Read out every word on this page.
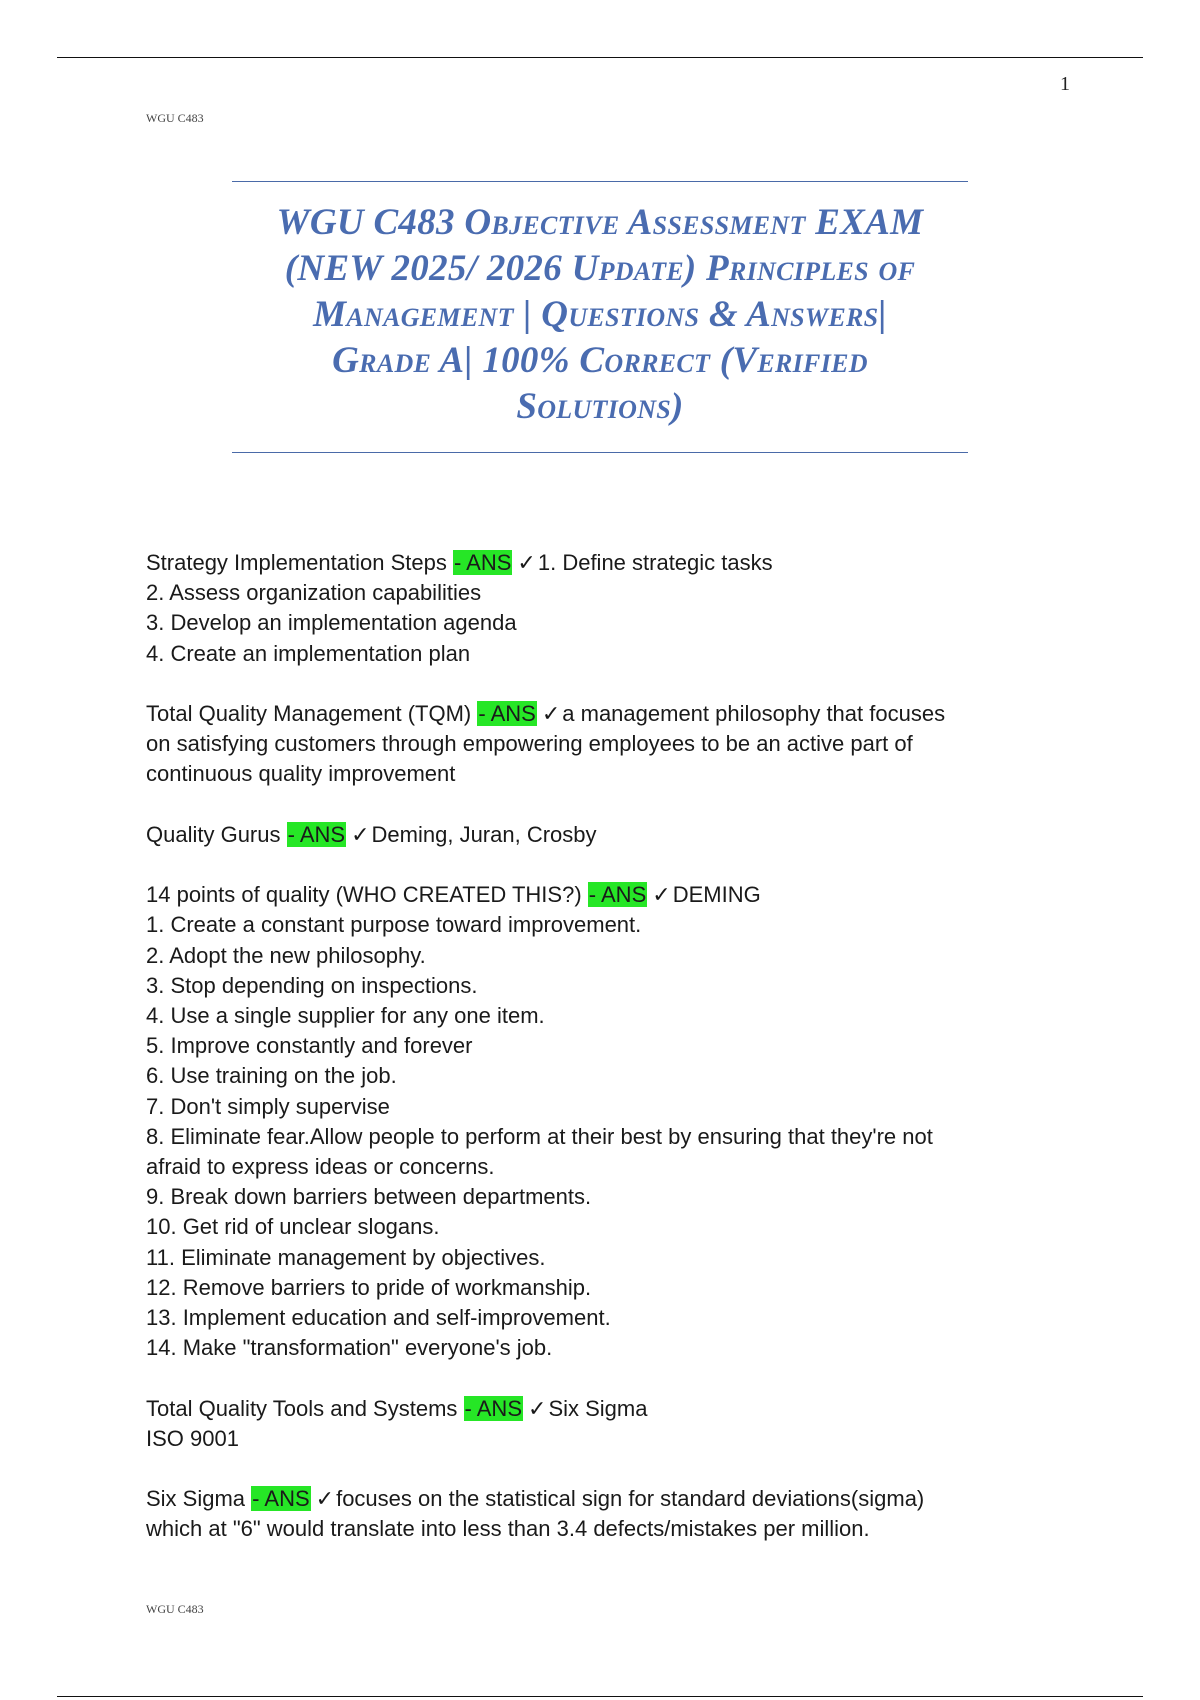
1
WGU C483
WGU C483 Objective Assessment EXAM
(NEW 2025/ 2026 Update) Principles of
Management | Questions & Answers|
Grade A| 100% Correct (Verified
Solutions)
Strategy Implementation Steps - ANS ✓1. Define strategic tasks
2. Assess organization capabilities
3. Develop an implementation agenda
4. Create an implementation plan
Total Quality Management (TQM) - ANS ✓a management philosophy that focuses
on satisfying customers through empowering employees to be an active part of
continuous quality improvement
Quality Gurus - ANS ✓Deming, Juran, Crosby
14 points of quality (WHO CREATED THIS?) - ANS ✓DEMING
1. Create a constant purpose toward improvement.
2. Adopt the new philosophy.
3. Stop depending on inspections.
4. Use a single supplier for any one item.
5. Improve constantly and forever
6. Use training on the job.
7. Don't simply supervise
8. Eliminate fear.Allow people to perform at their best by ensuring that they're not
afraid to express ideas or concerns.
9. Break down barriers between departments.
10. Get rid of unclear slogans.
11. Eliminate management by objectives.
12. Remove barriers to pride of workmanship.
13. Implement education and self-improvement.
14. Make "transformation" everyone's job.
Total Quality Tools and Systems - ANS ✓Six Sigma
ISO 9001
Six Sigma - ANS ✓focuses on the statistical sign for standard deviations(sigma)
which at "6" would translate into less than 3.4 defects/mistakes per million.
WGU C483
